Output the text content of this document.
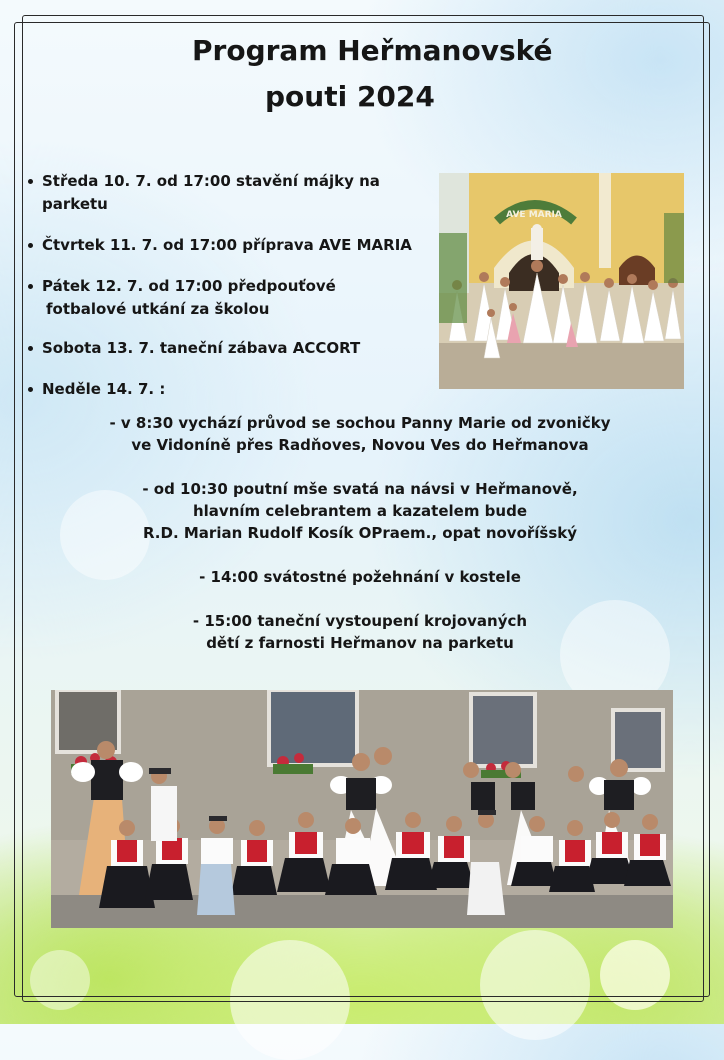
Program Heřmanovské
pouti 2024
Středa 10. 7. od 17:00 stavění májky na parketu
Čtvrtek 11. 7. od 17:00 příprava AVE MARIA
Pátek 12. 7. od 17:00 předpouťové
fotbalové utkání za školou
Sobota 13. 7. taneční zábava ACCORT
Neděle 14. 7. :
- v 8:30 vychází průvod se sochou Panny Marie od zvoničky
ve Vidoníně přes Radňoves, Novou Ves do Heřmanova
- od 10:30 poutní mše svatá na návsi v Heřmanově,
hlavním celebrantem a kazatelem bude
R.D. Marian Rudolf Kosík OPraem., opat novoříšský
- 14:00 svátostné požehnání v kostele
- 15:00 taneční vystoupení krojovaných
dětí z farnosti Heřmanov na parketu
AVE MARIA
